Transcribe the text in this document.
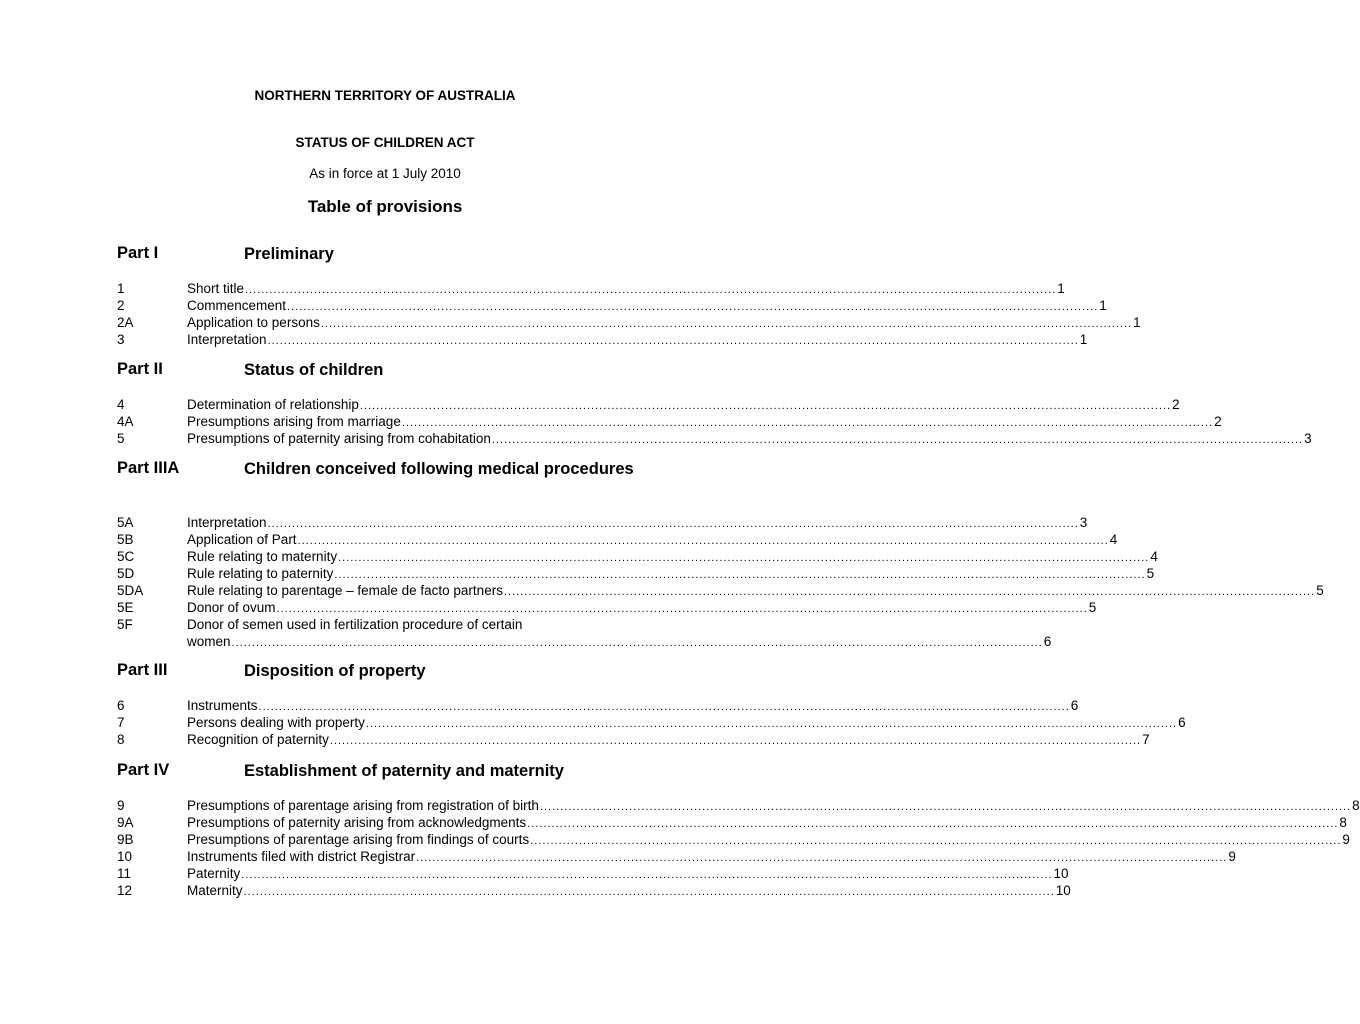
NORTHERN TERRITORY OF AUSTRALIA
STATUS OF CHILDREN ACT
As in force at 1 July 2010
Table of provisions
Part I	Preliminary
1	Short title ........................................................................................................................................................................................................ 1
2	Commencement ........................................................................................................................................................................................................ 1
2A	Application to persons ........................................................................................................................................................................................................ 1
3	Interpretation ........................................................................................................................................................................................................ 1
Part II	Status of children
4	Determination of relationship ........................................................................................................................................................................................................ 2
4A	Presumptions arising from marriage ........................................................................................................................................................................................................ 2
5	Presumptions of paternity arising from cohabitation ........................................................................................................................................................................................................ 3
Part IIIA	Children conceived following medical procedures
5A	Interpretation ........................................................................................................................................................................................................ 3
5B	Application of Part ........................................................................................................................................................................................................ 4
5C	Rule relating to maternity ........................................................................................................................................................................................................ 4
5D	Rule relating to paternity ........................................................................................................................................................................................................ 5
5DA	Rule relating to parentage – female de facto partners ........................................................................................................................................................................................................ 5
5E	Donor of ovum ........................................................................................................................................................................................................ 5
5F	Donor of semen used in fertilization procedure of certain
women ........................................................................................................................................................................................................ 6
Part III	Disposition of property
6	Instruments ........................................................................................................................................................................................................ 6
7	Persons dealing with property ........................................................................................................................................................................................................ 6
8	Recognition of paternity ........................................................................................................................................................................................................ 7
Part IV	Establishment of paternity and maternity
9	Presumptions of parentage arising from registration of birth ........................................................................................................................................................................................................ 8
9A	Presumptions of paternity arising from acknowledgments ........................................................................................................................................................................................................ 8
9B	Presumptions of parentage arising from findings of courts ........................................................................................................................................................................................................ 9
10	Instruments filed with district Registrar ........................................................................................................................................................................................................ 9
11	Paternity ........................................................................................................................................................................................................ 10
12	Maternity ........................................................................................................................................................................................................ 10
